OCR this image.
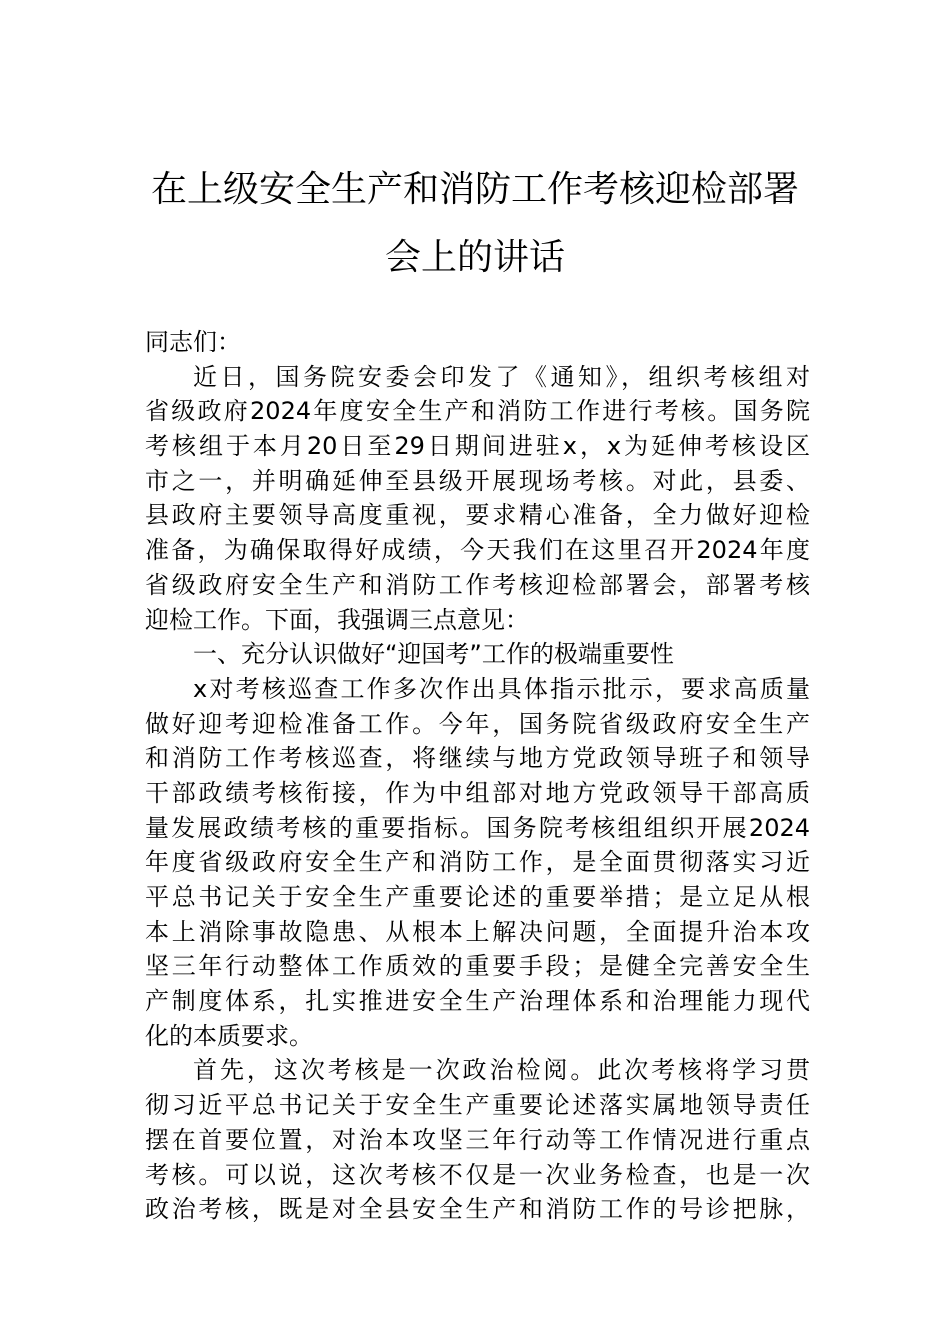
在上级安全生产和消防工作考核迎检部署
会上的讲话
同志们：
近日，国务院安委会印发了《通知》，组织考核组对
省级政府2024年度安全生产和消防工作进行考核。国务院
考核组于本月20日至29日期间进驻x，x为延伸考核设区
市之一，并明确延伸至县级开展现场考核。对此，县委、
县政府主要领导高度重视，要求精心准备，全力做好迎检
准备，为确保取得好成绩，今天我们在这里召开2024年度
省级政府安全生产和消防工作考核迎检部署会，部署考核
迎检工作。下面，我强调三点意见：
一、充分认识做好“迎国考”工作的极端重要性
x对考核巡查工作多次作出具体指示批示，要求高质量
做好迎考迎检准备工作。今年，国务院省级政府安全生产
和消防工作考核巡查，将继续与地方党政领导班子和领导
干部政绩考核衔接，作为中组部对地方党政领导干部高质
量发展政绩考核的重要指标。国务院考核组组织开展2024
年度省级政府安全生产和消防工作，是全面贯彻落实习近
平总书记关于安全生产重要论述的重要举措；是立足从根
本上消除事故隐患、从根本上解决问题，全面提升治本攻
坚三年行动整体工作质效的重要手段；是健全完善安全生
产制度体系，扎实推进安全生产治理体系和治理能力现代
化的本质要求。
首先，这次考核是一次政治检阅。此次考核将学习贯
彻习近平总书记关于安全生产重要论述落实属地领导责任
摆在首要位置，对治本攻坚三年行动等工作情况进行重点
考核。可以说，这次考核不仅是一次业务检查，也是一次
政治考核，既是对全县安全生产和消防工作的号诊把脉，
